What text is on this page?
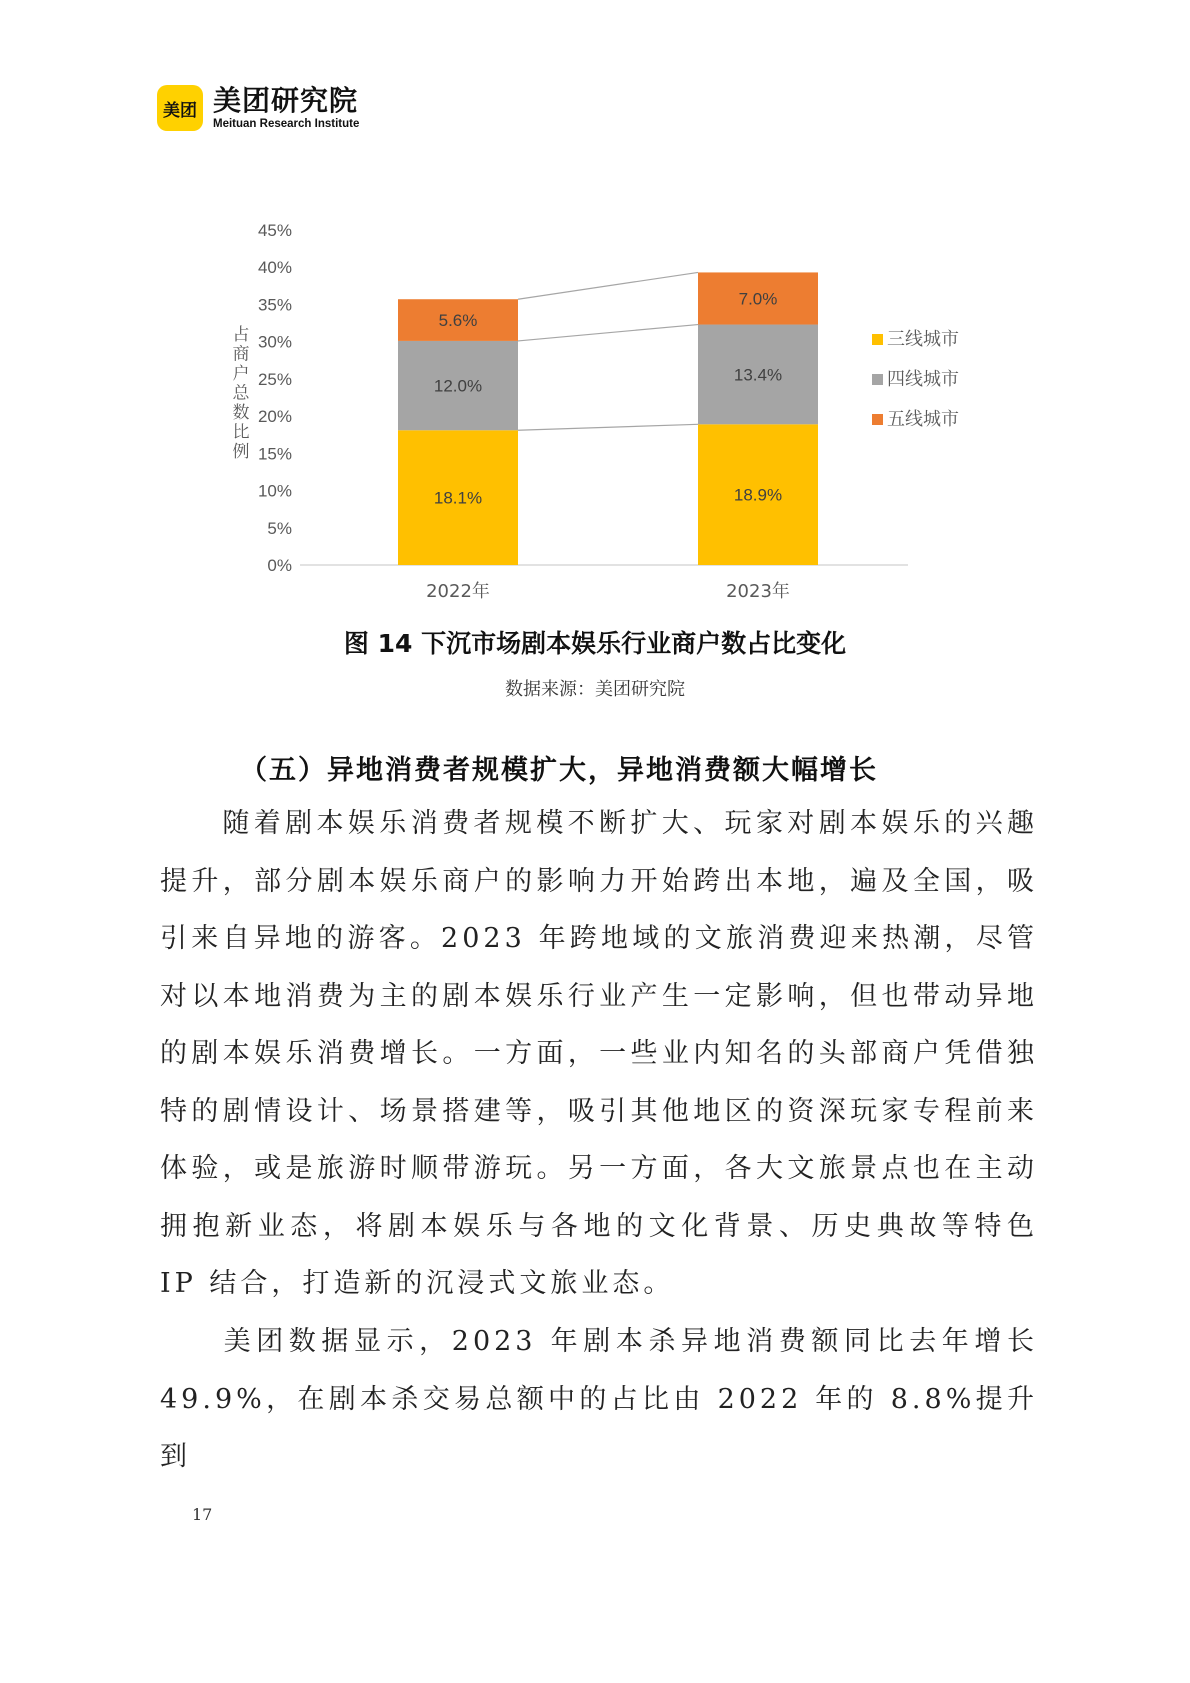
美团 美团研究院
Meituan Research Institute
0%
5%
10%
15%
20%
25%
30%
35%
40%
45%
占商户总数比例
18.1%
12.0%
5.6%
2022年
18.9%
13.4%
7.0%
2023年
三线城市
四线城市
五线城市
图 14 下沉市场剧本娱乐行业商户数占比变化
数据来源：美团研究院
（五）异地消费者规模扩大，异地消费额大幅增长
随着剧本娱乐消费者规模不断扩大、玩家对剧本娱乐的兴趣提升，部分剧本娱乐商户的影响力开始跨出本地，遍及全国，吸引来自异地的游客。2023 年跨地域的文旅消费迎来热潮，尽管对以本地消费为主的剧本娱乐行业产生一定影响，但也带动异地的剧本娱乐消费增长。一方面，一些业内知名的头部商户凭借独特的剧情设计、场景搭建等，吸引其他地区的资深玩家专程前来体验，或是旅游时顺带游玩。另一方面，各大文旅景点也在主动拥抱新业态，将剧本娱乐与各地的文化背景、历史典故等特色 IP 结合，打造新的沉浸式文旅业态。
美团数据显示，2023 年剧本杀异地消费额同比去年增长 49.9%，在剧本杀交易总额中的占比由 2022 年的 8.8%提升到
17
